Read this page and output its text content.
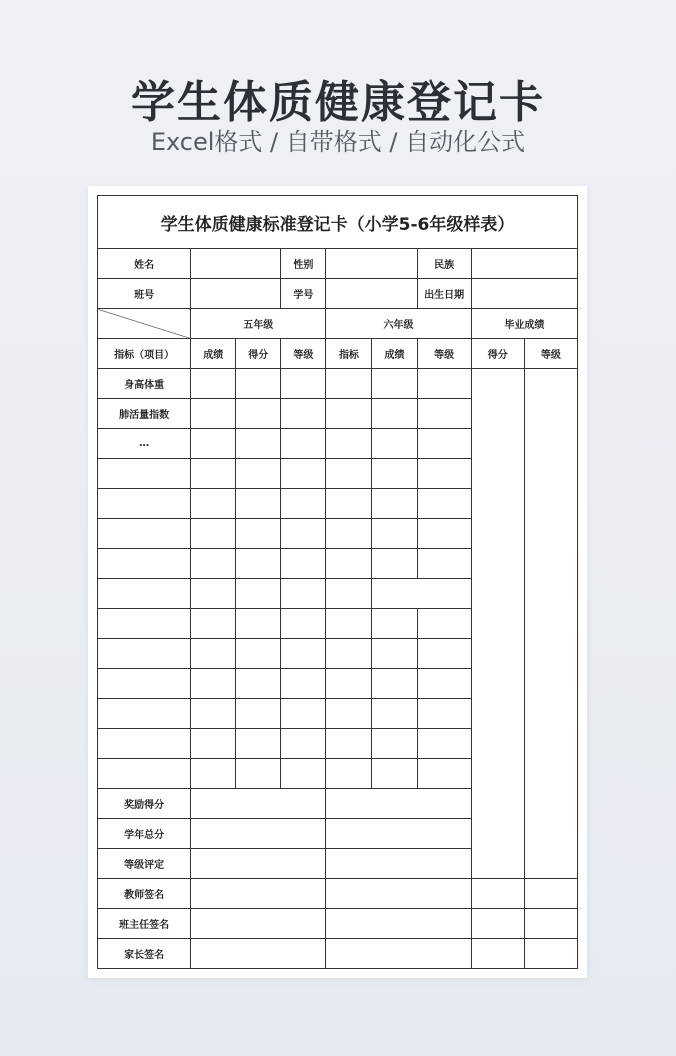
学生体质健康登记卡
Excel格式 / 自带格式 / 自动化公式
学生体质健康标准登记卡（小学5-6年级样表）								
姓名			性别			民族		
班号			学号			出生日期		
	五年级			六年级			毕业成绩	
指标（项目）	成绩	得分	等级	指标	成绩	等级	得分	等级
身高体重								
肺活量指数								
…								

奖励得分								
学年总分								
等级评定								
教师签名								
班主任签名								
家长签名								
